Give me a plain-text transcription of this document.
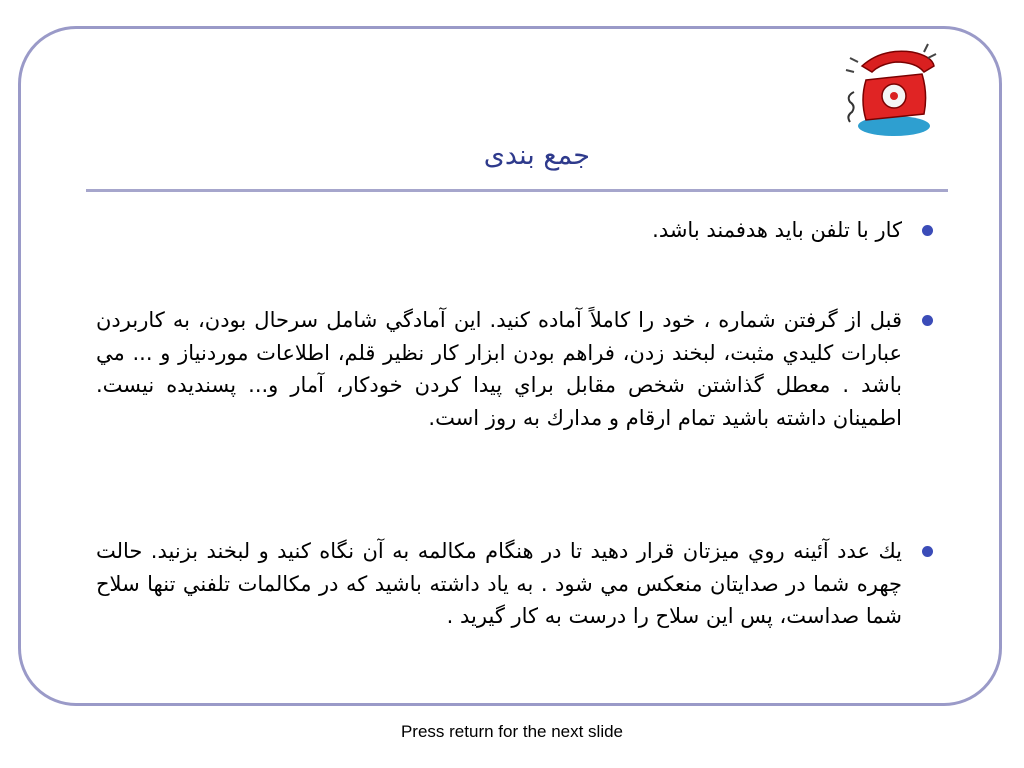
جمع بندی
کار با تلفن باید هدفمند باشد.
قبل از گرفتن شماره ، خود را کاملاً آماده کنید. این آمادگي شامل سرحال بودن، به کاربردن عبارات کليدي مثبت، لبخند زدن، فراهم بودن ابزار کار نظير قلم، اطلاعات موردنياز و ... مي باشد . معطل گذاشتن شخص مقابل براي پيدا کردن خودکار، آمار و... پسنديده نيست. اطمينان داشته باشيد تمام ارقام و مدارك به روز است.
يك عدد آئينه روي ميزتان قرار دهيد تا در هنگام مكالمه به آن نگاه كنيد و لبخند بزنيد. حالت چهره شما در صدايتان منعكس مي شود . به ياد داشته باشيد كه در مكالمات تلفني تنها سلاح شما صداست، پس اين سلاح را درست به كار گيريد .
Press return for the next slide
